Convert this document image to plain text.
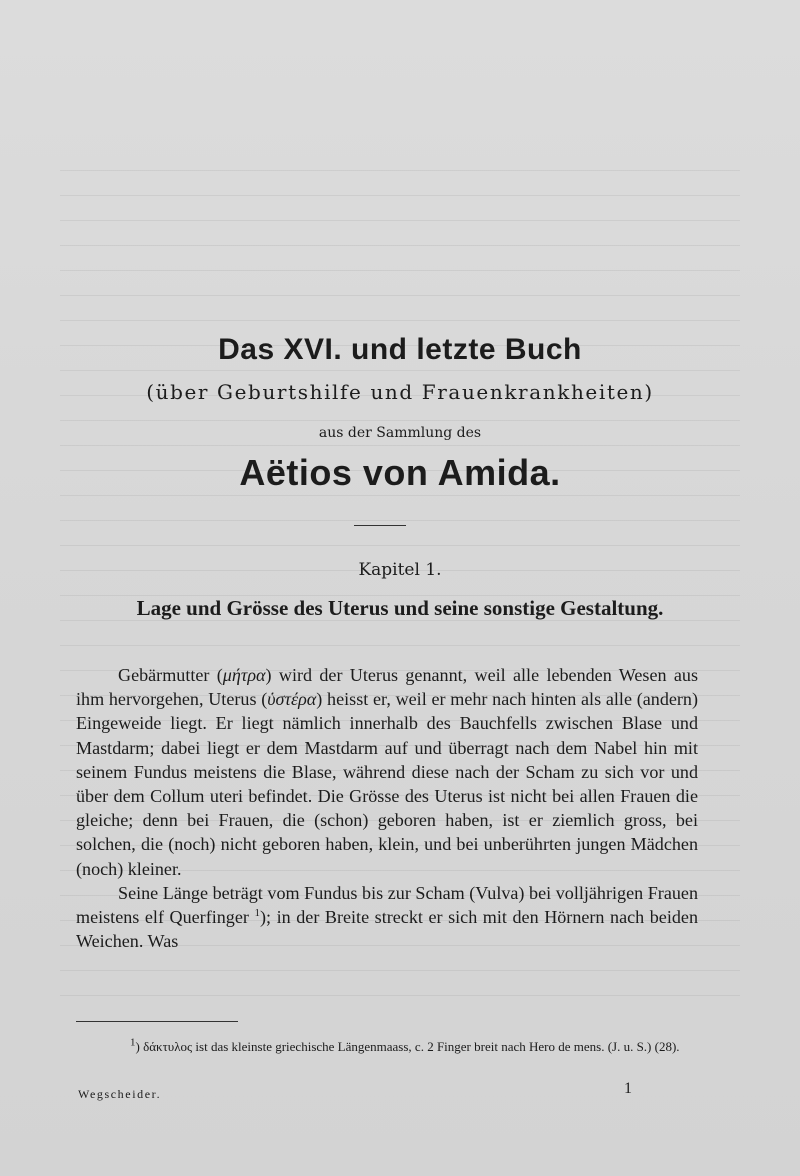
Das XVI. und letzte Buch
(über Geburtshilfe und Frauenkrankheiten)
aus der Sammlung des
Aëtios von Amida.
Kapitel 1.
Lage und Grösse des Uterus und seine sonstige Gestaltung.

Gebärmutter (μήτρα) wird der Uterus genannt, weil alle lebenden Wesen aus ihm hervorgehen, Uterus (ὑστέρα) heisst er, weil er mehr nach hinten als alle (andern) Eingeweide liegt. Er liegt nämlich innerhalb des Bauchfells zwischen Blase und Mastdarm; dabei liegt er dem Mastdarm auf und überragt nach dem Nabel hin mit seinem Fundus meistens die Blase, während diese nach der Scham zu sich vor und über dem Collum uteri befindet. Die Grösse des Uterus ist nicht bei allen Frauen die gleiche; denn bei Frauen, die (schon) geboren haben, ist er ziemlich gross, bei solchen, die (noch) nicht geboren haben, klein, und bei unberührten jungen Mädchen (noch) kleiner.

Seine Länge beträgt vom Fundus bis zur Scham (Vulva) bei volljährigen Frauen meistens elf Querfinger $^1$); in der Breite streckt er sich mit den Hörnern nach beiden Weichen. Was

$^1$) δάκτυλος ist das kleinste griechische Längenmaass, c. 2 Finger breit nach Hero de mens. (J. u. S.) (28).
Wegscheider.	1
